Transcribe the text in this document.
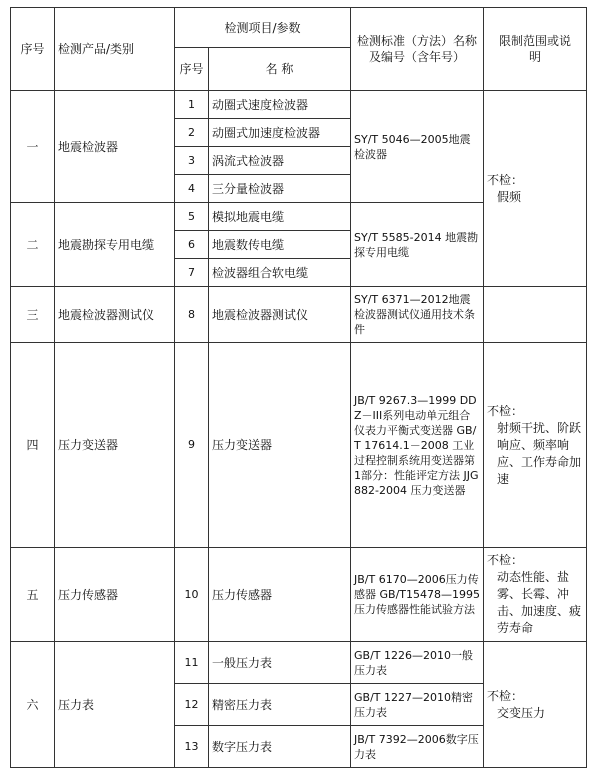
序号	检测产品/类别	检测项目/参数		检测标准（方法）名称及编号（含年号）	限制范围或说明
		序号	名 称		
一	地震检波器	1	动圈式速度检波器	SY/T 5046—2005地震检波器	不检：
假频

		2	动圈式加速度检波器		
		3	涡流式检波器		
		4	三分量检波器		
二	地震勘探专用电缆	5	模拟地震电缆	SY/T 5585-2014 地震勘探专用电缆	
		6	地震数传电缆		
		7	检波器组合软电缆		
三	地震检波器测试仪	8	地震检波器测试仪	SY/T 6371—2012地震检波器测试仪通用技术条件	
四	压力变送器	9	压力变送器	JB/T 9267.3—1999 DDZ－III系列电动单元组合仪表力平衡式变送器 GB/T 17614.1－2008 工业过程控制系统用变送器第1部分：性能评定方法 JJG882-2004 压力变送器	不检：
射频干扰、阶跃响应、频率响应、工作寿命加速

五	压力传感器	10	压力传感器	JB/T 6170—2006压力传感器 GB/T15478—1995压力传感器性能试验方法	不检：
动态性能、盐雾、长霉、冲击、加速度、疲劳寿命

六	压力表	11	一般压力表	GB/T 1226—2010一般压力表	不检：
交变压力

		12	精密压力表	GB/T 1227—2010精密压力表	
		13	数字压力表	JB/T 7392—2006数字压力表	
